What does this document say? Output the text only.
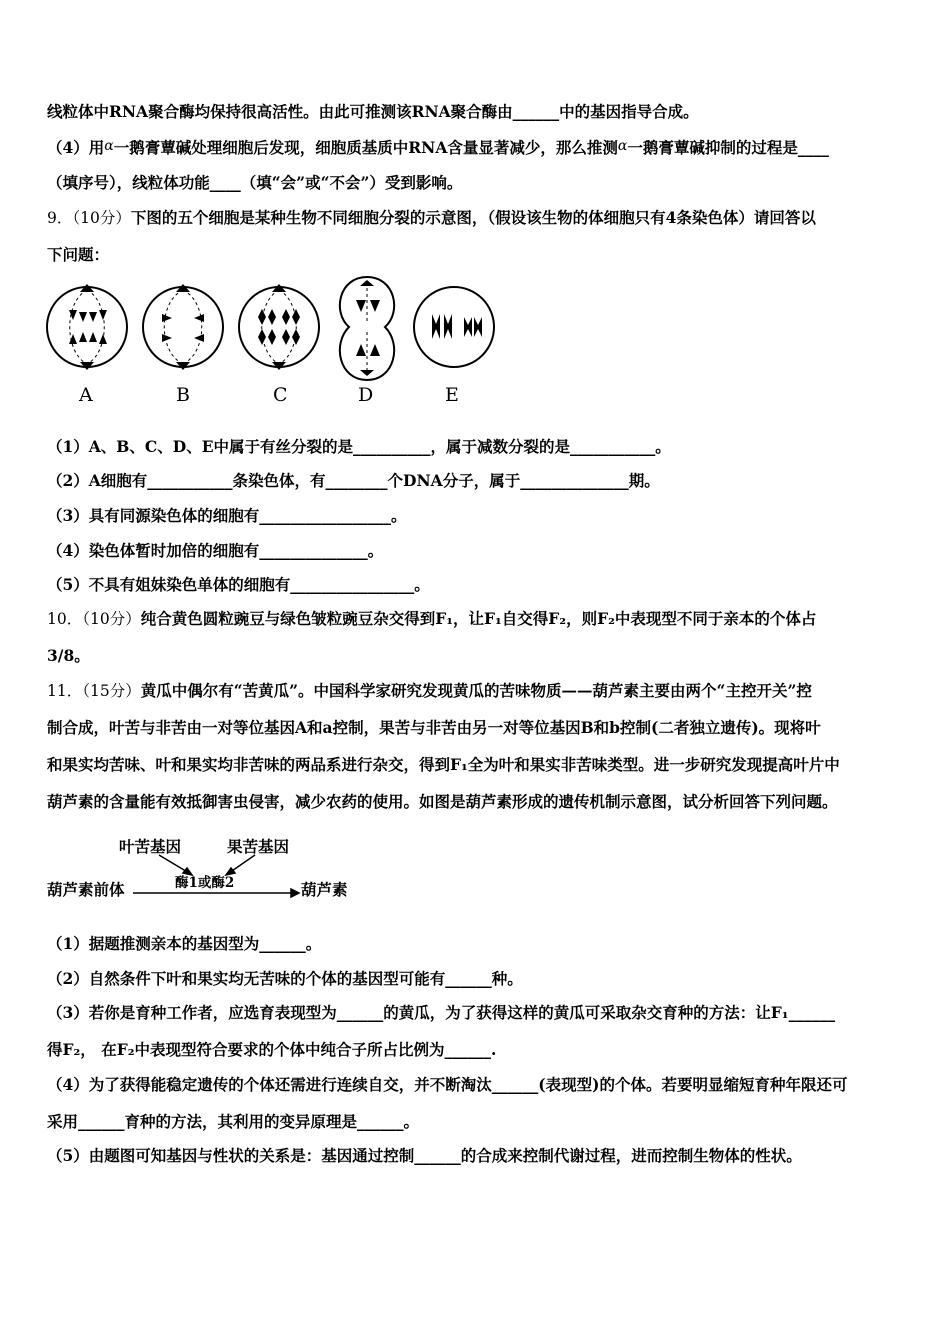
线粒体中RNA聚合酶均保持很高活性。由此可推测该RNA聚合酶由______中的基因指导合成。
（4）用α一鹅膏蕈碱处理细胞后发现，细胞质基质中RNA含量显著减少，那么推测α一鹅膏蕈碱抑制的过程是____
（填序号），线粒体功能____（填“会”或“不会”）受到影响。
9．（10分）下图的五个细胞是某种生物不同细胞分裂的示意图，（假设该生物的体细胞只有4条染色体）请回答以
下问题：
A	B	C	D	E
（1）A、B、C、D、E中属于有丝分裂的是__________，属于减数分裂的是___________。
（2）A细胞有___________条染色体，有________个DNA分子，属于______________期。
（3）具有同源染色体的细胞有_________________。
（4）染色体暂时加倍的细胞有______________。
（5）不具有姐妹染色单体的细胞有________________。
10．（10分）纯合黄色圆粒豌豆与绿色皱粒豌豆杂交得到F₁，让F₁自交得F₂，则F₂中表现型不同于亲本的个体占
3/8。
11．（15分）黄瓜中偶尔有“苦黄瓜”。中国科学家研究发现黄瓜的苦味物质——葫芦素主要由两个“主控开关”控
制合成，叶苦与非苦由一对等位基因A和a控制，果苦与非苦由另一对等位基因B和b控制(二者独立遗传)。现将叶
和果实均苦味、叶和果实均非苦味的两品系进行杂交，得到F₁全为叶和果实非苦味类型。进一步研究发现提高叶片中
葫芦素的含量能有效抵御害虫侵害，减少农药的使用。如图是葫芦素形成的遗传机制示意图，试分析回答下列问题。
叶苦基因	果苦基因
葫芦素前体	酶1或酶2	葫芦素
（1）据题推测亲本的基因型为______。
（2）自然条件下叶和果实均无苦味的个体的基因型可能有______种。
（3）若你是育种工作者，应选育表现型为______的黄瓜，为了获得这样的黄瓜可采取杂交育种的方法：让F₁______
得F₂， 在F₂中表现型符合要求的个体中纯合子所占比例为______.
（4）为了获得能稳定遗传的个体还需进行连续自交，并不断淘汰______(表现型)的个体。若要明显缩短育种年限还可
采用______育种的方法，其利用的变异原理是______。
（5）由题图可知基因与性状的关系是：基因通过控制______的合成来控制代谢过程，进而控制生物体的性状。
